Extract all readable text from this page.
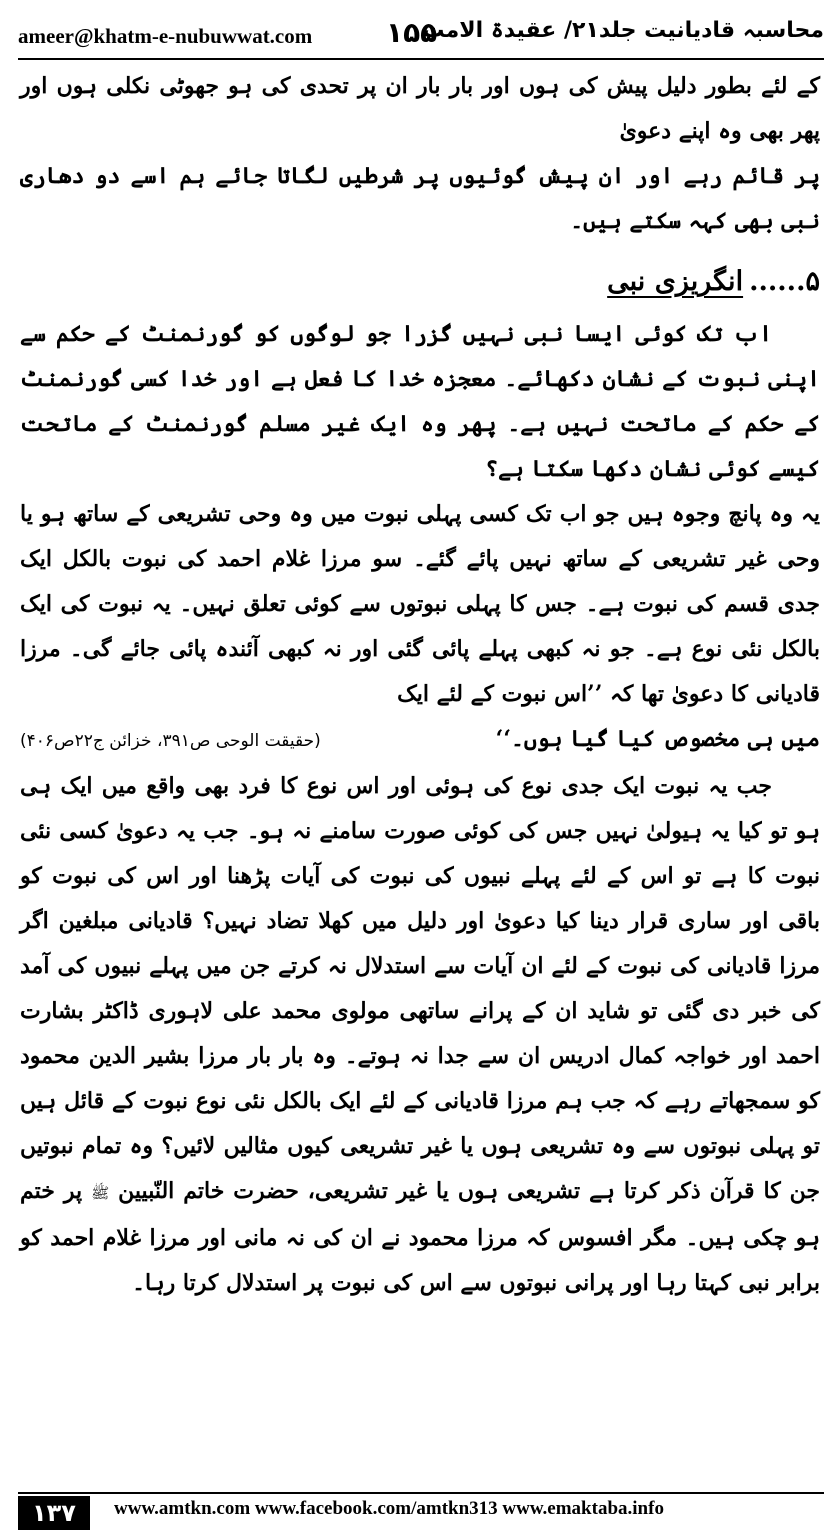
ameer@khatm-e-nubuwwat.com	۱۵۵
محاسبہ قادیانیت جلد۲۱/ عقیدۃ الامت

کے لئے بطور دلیل پیش کی ہوں اور بار بار ان پر تحدی کی ہو جھوٹی نکلی ہوں اور پھر بھی وہ اپنے دعویٰ

پر قائم رہے اور ان پیش گوئیوں پر شرطیں لگاتا جائے ہم اسے دو دھاری نبی بھی کہہ سکتے ہیں۔

۵......انگریزی نبی

اب تک کوئی ایسا نبی نہیں گزرا جو لوگوں کو گورنمنٹ کے حکم سے اپنی نبوت کے نشان دکھائے۔ معجزہ خدا کا فعل ہے اور خدا کسی گورنمنٹ کے حکم کے ماتحت نہیں ہے۔ پھر وہ ایک غیر مسلم گورنمنٹ کے ماتحت کیسے کوئی نشان دکھا سکتا ہے؟

یہ وہ پانچ وجوہ ہیں جو اب تک کسی پہلی نبوت میں وہ وحی تشریعی کے ساتھ ہو یا وحی غیر تشریعی کے ساتھ نہیں پائے گئے۔ سو مرزا غلام احمد کی نبوت بالکل ایک جدی قسم کی نبوت ہے۔ جس کا پہلی نبوتوں سے کوئی تعلق نہیں۔ یہ نبوت کی ایک بالکل نئی نوع ہے۔ جو نہ کبھی پہلے پائی گئی اور نہ کبھی آئندہ پائی جائے گی۔ مرزا قادیانی کا دعویٰ تھا کہ ’’اس نبوت کے لئے ایک

میں ہی مخصوص کیا گیا ہوں۔‘‘
(حقیقت الوحی ص۳۹۱، خزائن ج۲۲ص۴۰۶)

جب یہ نبوت ایک جدی نوع کی ہوئی اور اس نوع کا فرد بھی واقع میں ایک ہی ہو تو کیا یہ ہیولیٰ نہیں جس کی کوئی صورت سامنے نہ ہو۔ جب یہ دعویٰ کسی نئی نبوت کا ہے تو اس کے لئے پہلے نبیوں کی نبوت کی آیات پڑھنا اور اس کی نبوت کو باقی اور ساری قرار دینا کیا دعویٰ اور دلیل میں کھلا تضاد نہیں؟ قادیانی مبلغین اگر مرزا قادیانی کی نبوت کے لئے ان آیات سے استدلال نہ کرتے جن میں پہلے نبیوں کی آمد کی خبر دی گئی تو شاید ان کے پرانے ساتھی مولوی محمد علی لاہوری ڈاکٹر بشارت احمد اور خواجہ کمال ادریس ان سے جدا نہ ہوتے۔ وہ بار بار مرزا بشیر الدین محمود کو سمجھاتے رہے کہ جب ہم مرزا قادیانی کے لئے ایک بالکل نئی نوع نبوت کے قائل ہیں تو پہلی نبوتوں سے وہ تشریعی ہوں یا غیر تشریعی کیوں مثالیں لائیں؟ وہ تمام نبوتیں جن کا قرآن ذکر کرتا ہے تشریعی ہوں یا غیر تشریعی، حضرت خاتم النّبیین ﷺ پر ختم ہو چکی ہیں۔ مگر افسوس کہ مرزا محمود نے ان کی نہ مانی اور مرزا غلام احمد کو برابر نبی کہتا رہا اور پرانی نبوتوں سے اس کی نبوت پر استدلال کرتا رہا۔

۱۳۷	www.amtkn.com www.facebook.com/amtkn313 www.emaktaba.info
